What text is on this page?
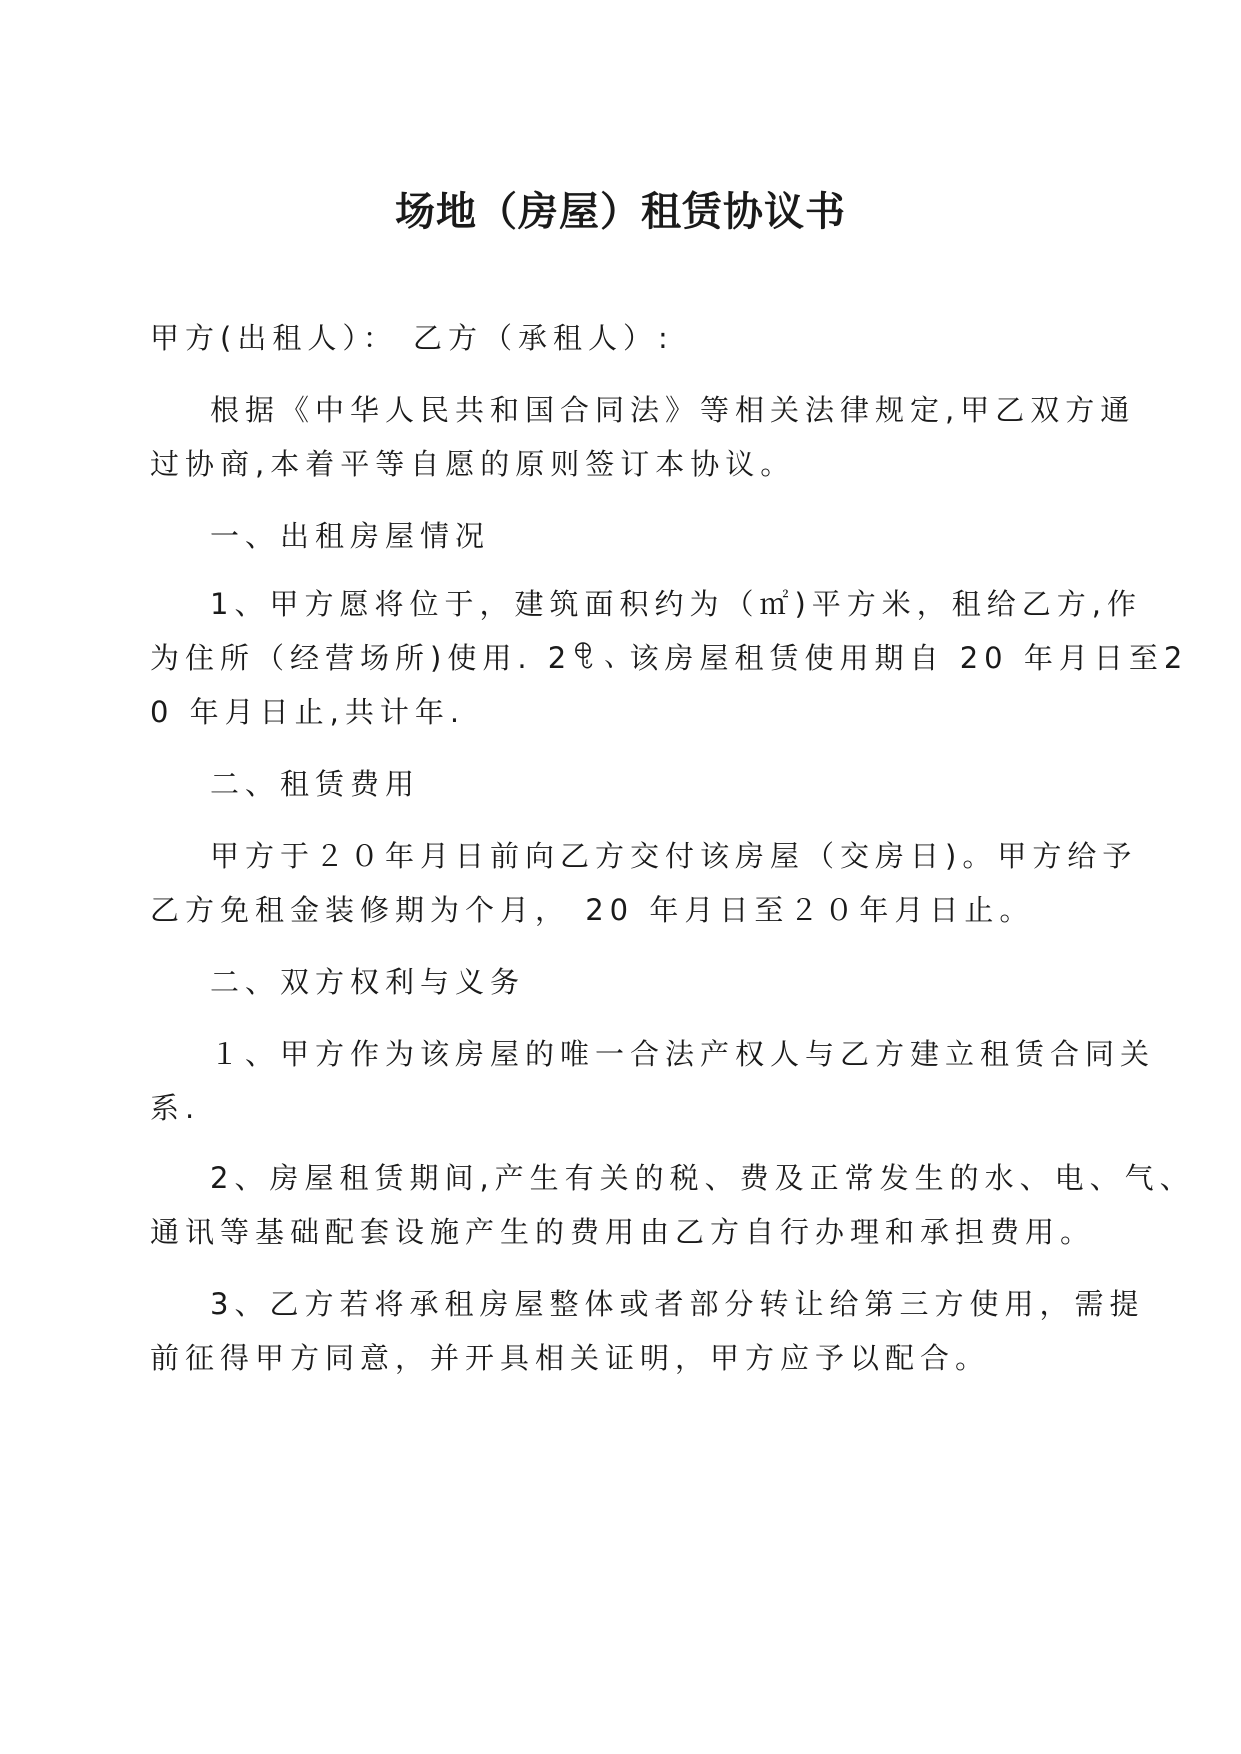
场地（房屋）租赁协议书
甲方(出租人）： 乙方（承租人）:
根据《中华人民共和国合同法》等相关法律规定,甲乙双方通
过协商,本着平等自愿的原则签订本协议。
一、出租房屋情况
1、甲方愿将位于，建筑面积约为（㎡)平方米，租给乙方,作
为住所（经营场所)使用. 2ꁸ、该房屋租赁使用期自 20 年月日至2
0 年月日止,共计年.
二、租赁费用
甲方于２０年月日前向乙方交付该房屋（交房日)。甲方给予
乙方免租金装修期为个月， 20 年月日至２０年月日止。
二、双方权利与义务
１、甲方作为该房屋的唯一合法产权人与乙方建立租赁合同关
系.
2、房屋租赁期间,产生有关的税、费及正常发生的水、电、气、
通讯等基础配套设施产生的费用由乙方自行办理和承担费用。
3、乙方若将承租房屋整体或者部分转让给第三方使用，需提
前征得甲方同意，并开具相关证明，甲方应予以配合。
